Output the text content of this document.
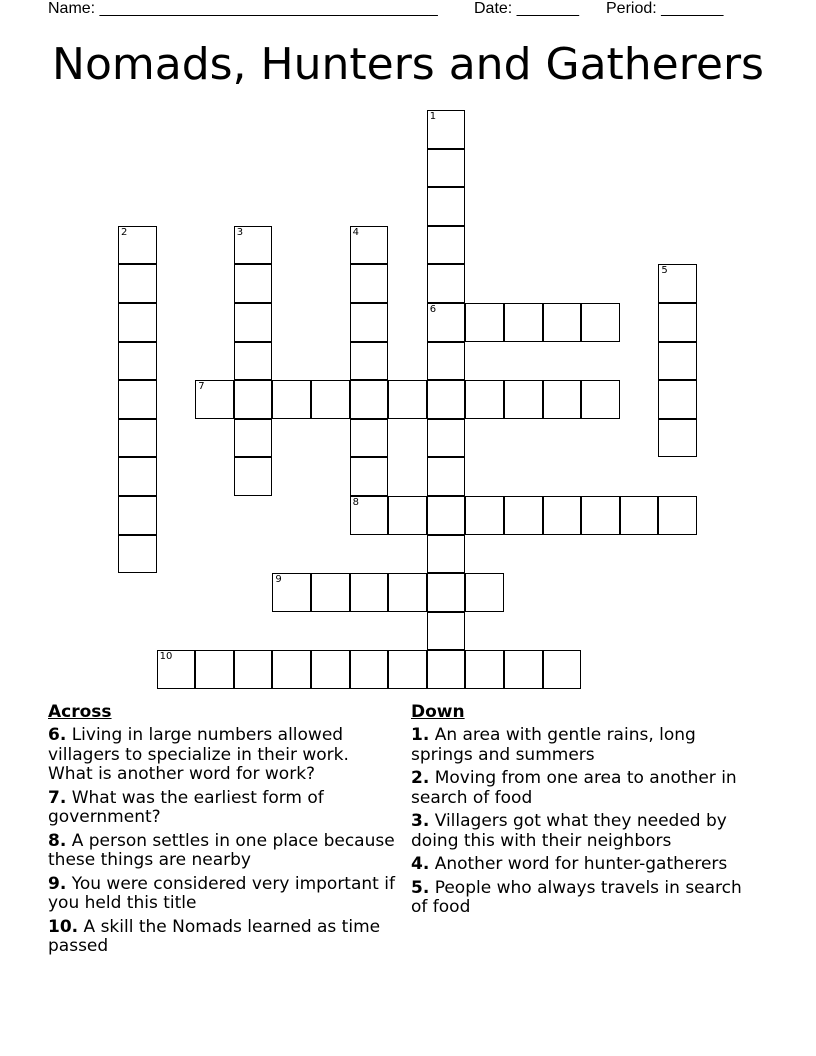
Name: ______________________________________ Date: _______ Period: _______
Nomads, Hunters and Gatherers
1
6
2	3	4
8
5
7
9
10
Across
6. Living in large numbers allowed villagers to specialize in their work. What is another word for work?
7. What was the earliest form of government?
8. A person settles in one place because these things are nearby
9. You were considered very important if you held this title
10. A skill the Nomads learned as time passed
Down
1. An area with gentle rains, long springs and summers
2. Moving from one area to another in search of food
3. Villagers got what they needed by doing this with their neighbors
4. Another word for hunter-gatherers
5. People who always travels in search of food
